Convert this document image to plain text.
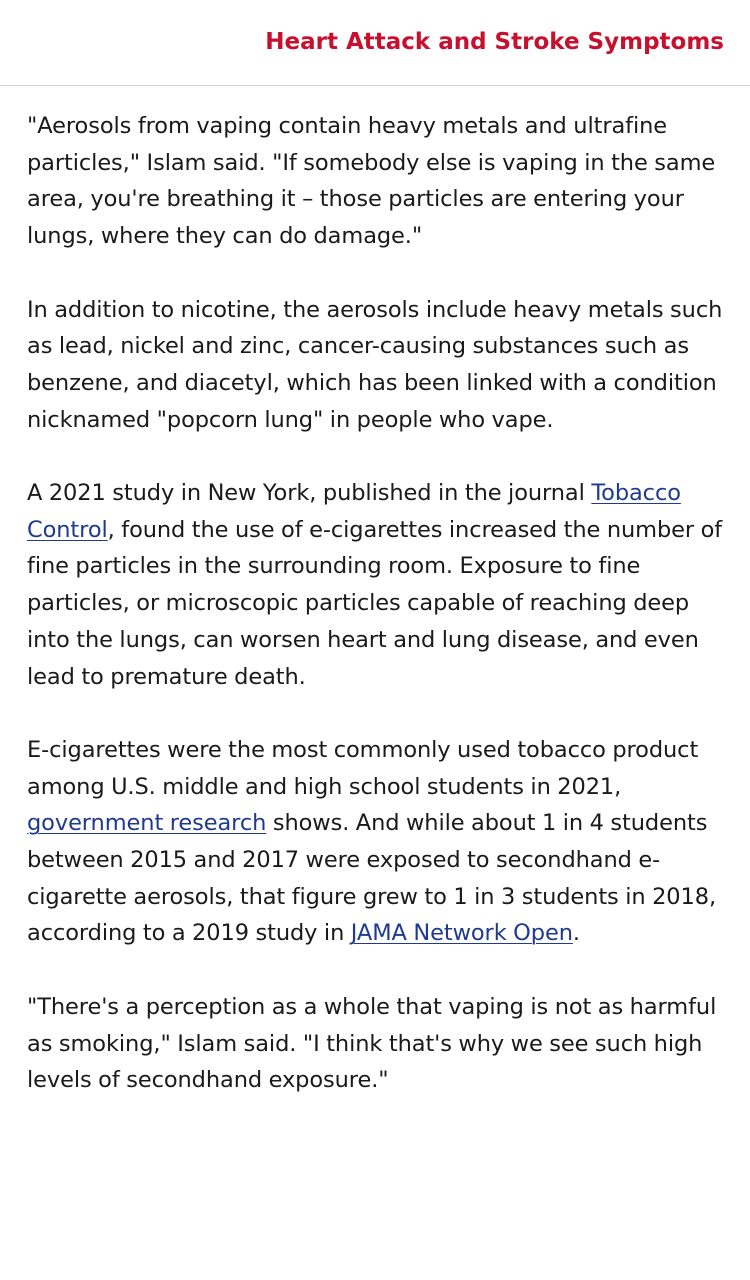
Heart Attack and Stroke Symptoms

"Aerosols from vaping contain heavy metals and ultrafine particles," Islam said. "If somebody else is vaping in the same area, you're breathing it – those particles are entering your lungs, where they can do damage."

In addition to nicotine, the aerosols include heavy metals such as lead, nickel and zinc, cancer-causing substances such as benzene, and diacetyl, which has been linked with a condition nicknamed "popcorn lung" in people who vape.

A 2021 study in New York, published in the journal Tobacco Control, found the use of e-cigarettes increased the number of fine particles in the surrounding room. Exposure to fine particles, or microscopic particles capable of reaching deep into the lungs, can worsen heart and lung disease, and even lead to premature death.

E-cigarettes were the most commonly used tobacco product among U.S. middle and high school students in 2021, government research shows. And while about 1 in 4 students between 2015 and 2017 were exposed to secondhand e-cigarette aerosols, that figure grew to 1 in 3 students in 2018, according to a 2019 study in JAMA Network Open.

"There's a perception as a whole that vaping is not as harmful as smoking," Islam said. "I think that's why we see such high levels of secondhand exposure."
